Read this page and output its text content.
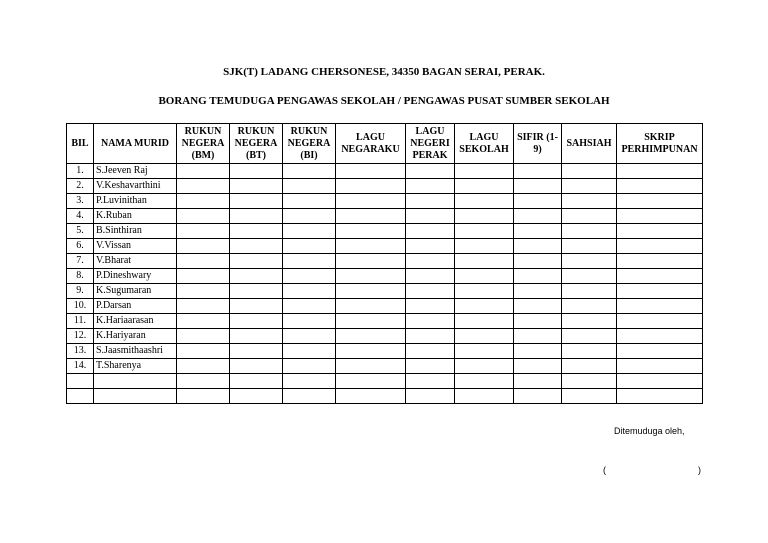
SJK(T) LADANG CHERSONESE, 34350 BAGAN SERAI, PERAK.
BORANG TEMUDUGA PENGAWAS SEKOLAH / PENGAWAS PUSAT SUMBER SEKOLAH
BIL	NAMA MURID	RUKUN NEGERA (BM)	RUKUN NEGERA (BT)	RUKUN NEGERA (BI)	LAGU NEGARAKU	LAGU NEGERI PERAK	LAGU SEKOLAH	SIFIR (1-9)	SAHSIAH	SKRIP PERHIMPUNAN
1.	S.Jeeven Raj									
2.	V.Keshavarthini									
3.	P.Luvinithan									
4.	K.Ruban									
5.	B.Sinthiran									
6.	V.Vissan									
7.	V.Bharat									
8.	P.Dineshwary									
9.	K.Sugumaran									
10.	P.Darsan									
11.	K.Hariaarasan									
12.	K.Hariyaran									
13.	S.Jaasmithaashri									
14.	T.Sharenya									

Ditemuduga oleh,
(	)
